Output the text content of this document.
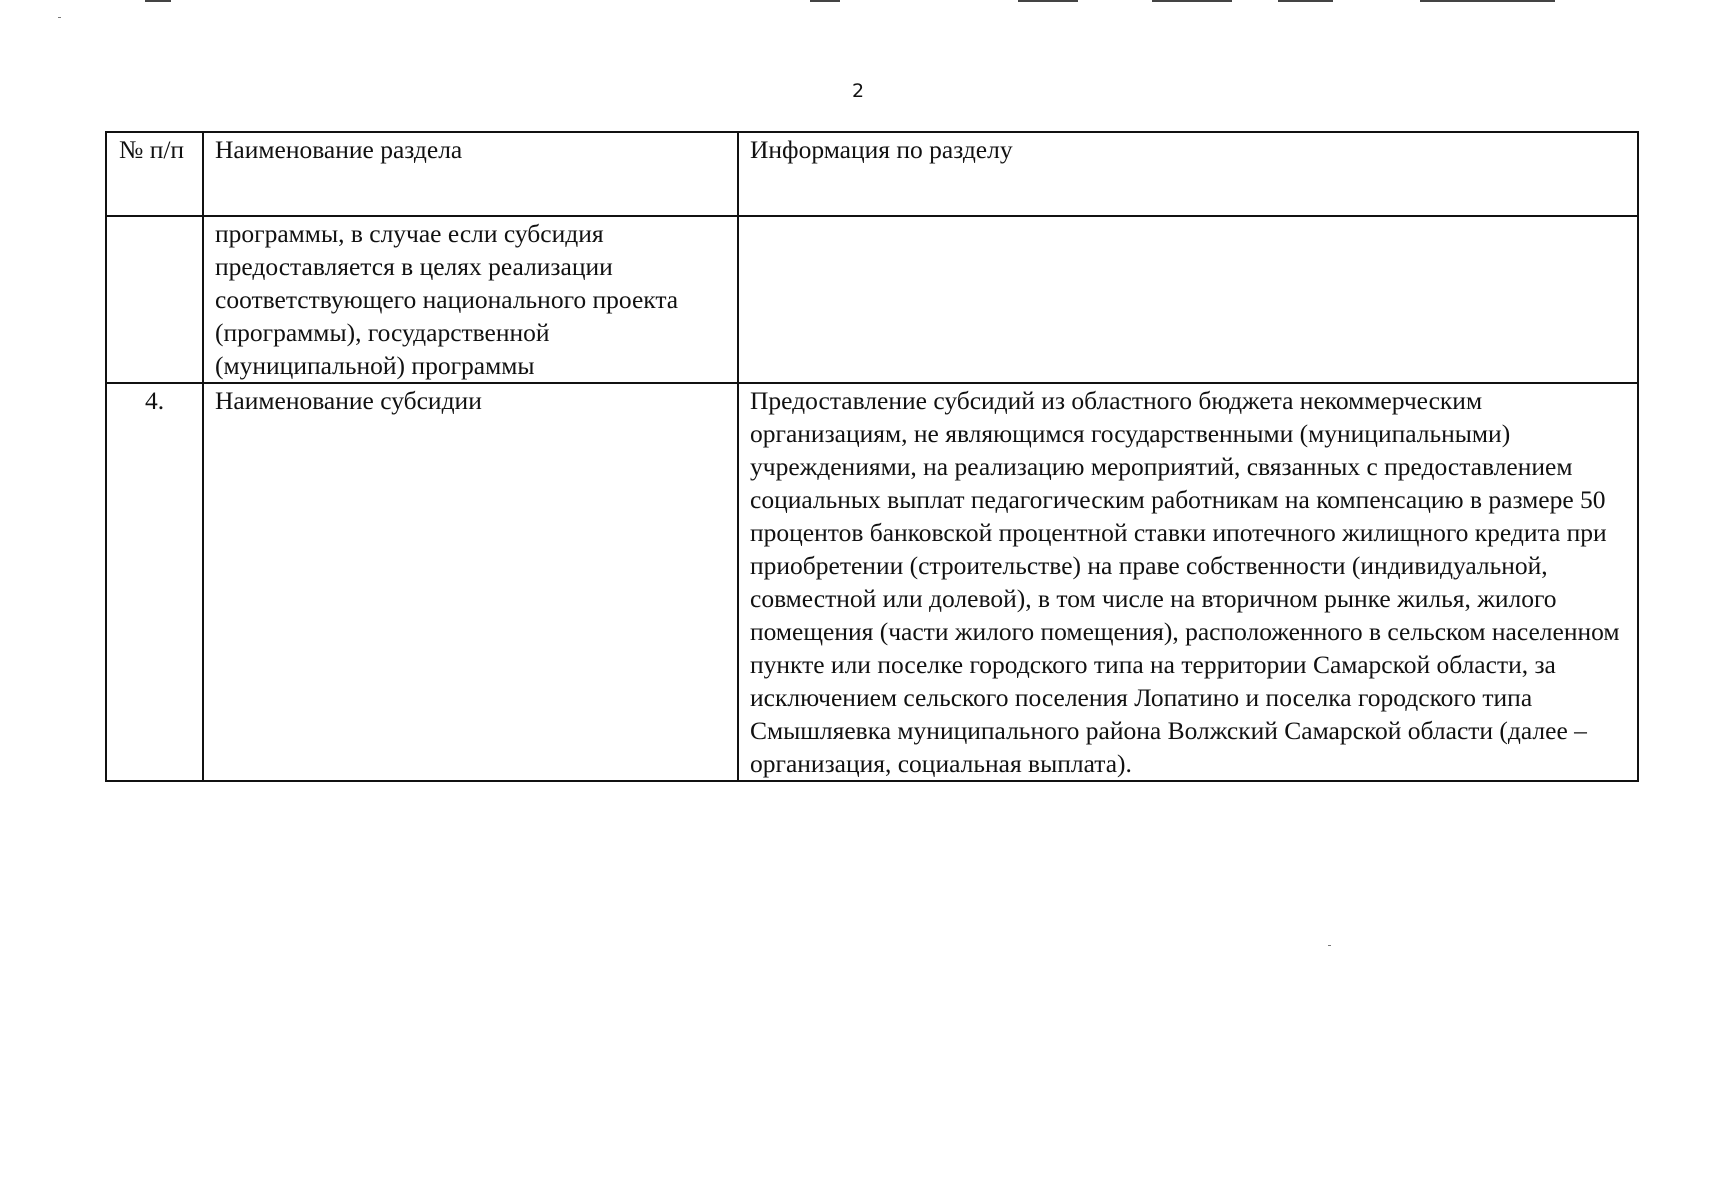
2
№ п/п	Наименование раздела	Информация по разделу
	программы, в случае если субсидия предоставляется в целях реализации соответствующего национального проекта (программы), государственной (муниципальной) программы	
4.	Наименование субсидии	Предоставление субсидий из областного бюджета некоммерческим организациям, не являющимся государственными (муниципальными) учреждениями, на реализацию мероприятий, связанных с предоставлением социальных выплат педагогическим работникам на компенсацию в размере 50 процентов банковской процентной ставки ипотечного жилищного кредита при приобретении (строительстве) на праве собственности (индивидуальной, совместной или долевой), в том числе на вторичном рынке жилья, жилого помещения (части жилого помещения), расположенного в сельском населенном пункте или поселке городского типа на территории Самарской области, за исключением сельского поселения Лопатино и поселка городского типа Смышляевка муниципального района Волжский Самарской области (далее – организация, социальная выплата).
